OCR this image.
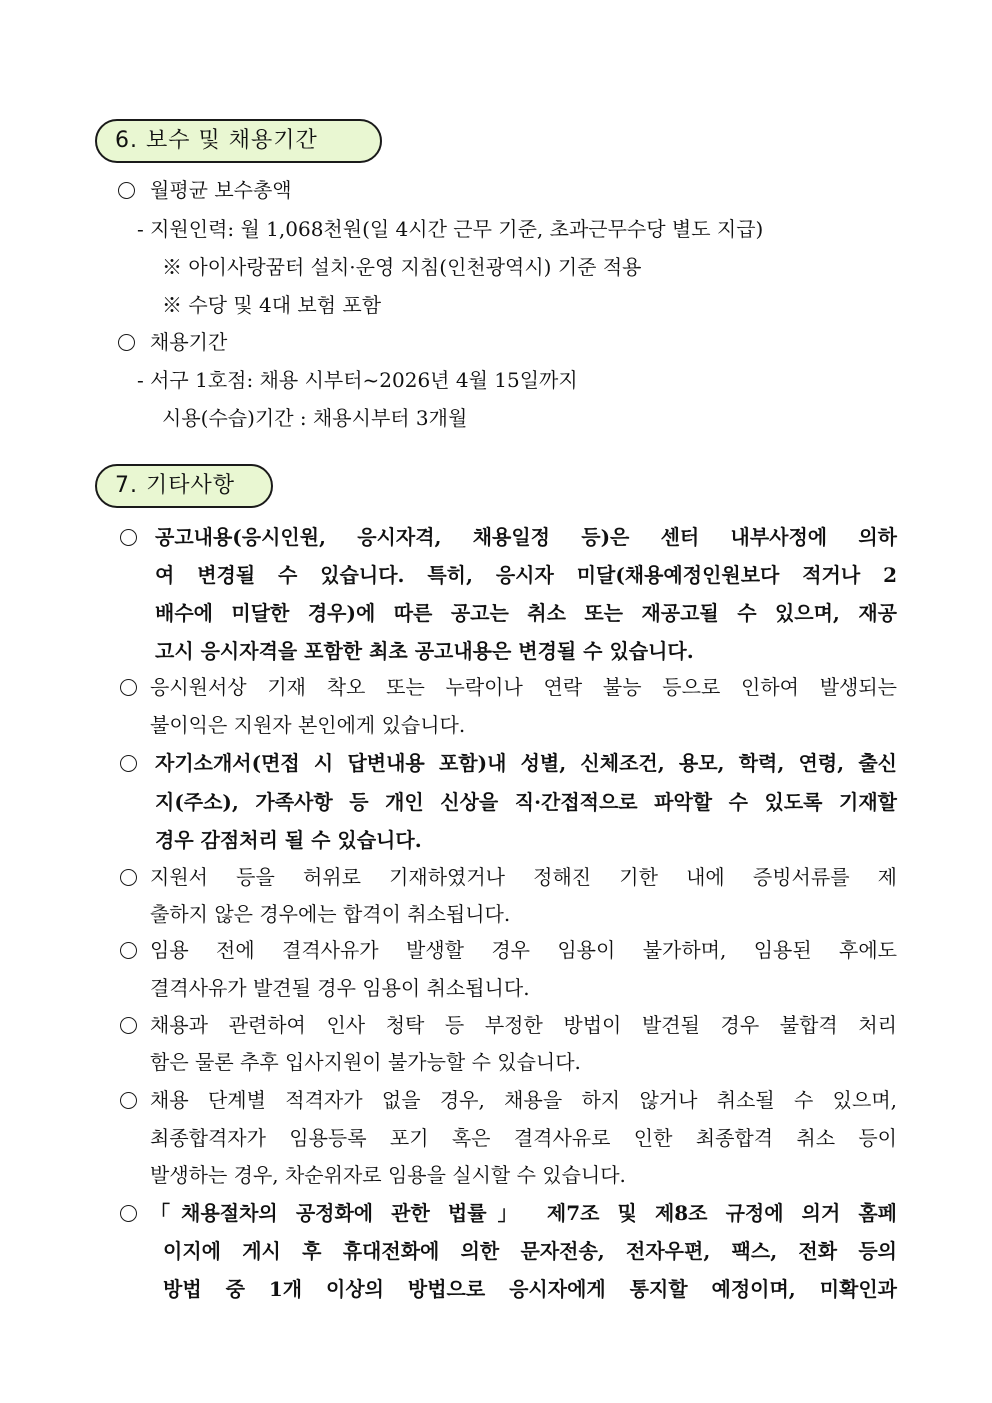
6. 보수 및 채용기간
월평균 보수총액
- 지원인력: 월 1,068천원(일 4시간 근무 기준, 초과근무수당 별도 지급)
※ 아이사랑꿈터 설치·운영 지침(인천광역시) 기준 적용
※ 수당 및 4대 보험 포함
채용기간
- 서구 1호점: 채용 시부터~2026년 4월 15일까지
시용(수습)기간 : 채용시부터 3개월
7. 기타사항
공고내용(응시인원, 응시자격, 채용일정 등)은 센터 내부사정에 의하
여 변경될 수 있습니다. 특히, 응시자 미달(채용예정인원보다 적거나 2
배수에 미달한 경우)에 따른 공고는 취소 또는 재공고될 수 있으며, 재공
고시 응시자격을 포함한 최초 공고내용은 변경될 수 있습니다.
응시원서상 기재 착오 또는 누락이나 연락 불능 등으로 인하여 발생되는
불이익은 지원자 본인에게 있습니다.
자기소개서(면접 시 답변내용 포함)내 성별, 신체조건, 용모, 학력, 연령, 출신
지(주소), 가족사항 등 개인 신상을 직·간접적으로 파악할 수 있도록 기재할
경우 감점처리 될 수 있습니다.
지원서 등을 허위로 기재하였거나 정해진 기한 내에 증빙서류를 제
출하지 않은 경우에는 합격이 취소됩니다.
임용 전에 결격사유가 발생할 경우 임용이 불가하며, 임용된 후에도
결격사유가 발견될 경우 임용이 취소됩니다.
채용과 관련하여 인사 청탁 등 부정한 방법이 발견될 경우 불합격 처리
함은 물론 추후 입사지원이 불가능할 수 있습니다.
채용 단계별 적격자가 없을 경우, 채용을 하지 않거나 취소될 수 있으며,
최종합격자가 임용등록 포기 혹은 결격사유로 인한 최종합격 취소 등이
발생하는 경우, 차순위자로 임용을 실시할 수 있습니다.
「채용절차의 공정화에 관한 법률」 제7조 및 제8조 규정에 의거 홈페
이지에 게시 후 휴대전화에 의한 문자전송, 전자우편, 팩스, 전화 등의
방법 중 1개 이상의 방법으로 응시자에게 통지할 예정이며, 미확인과
